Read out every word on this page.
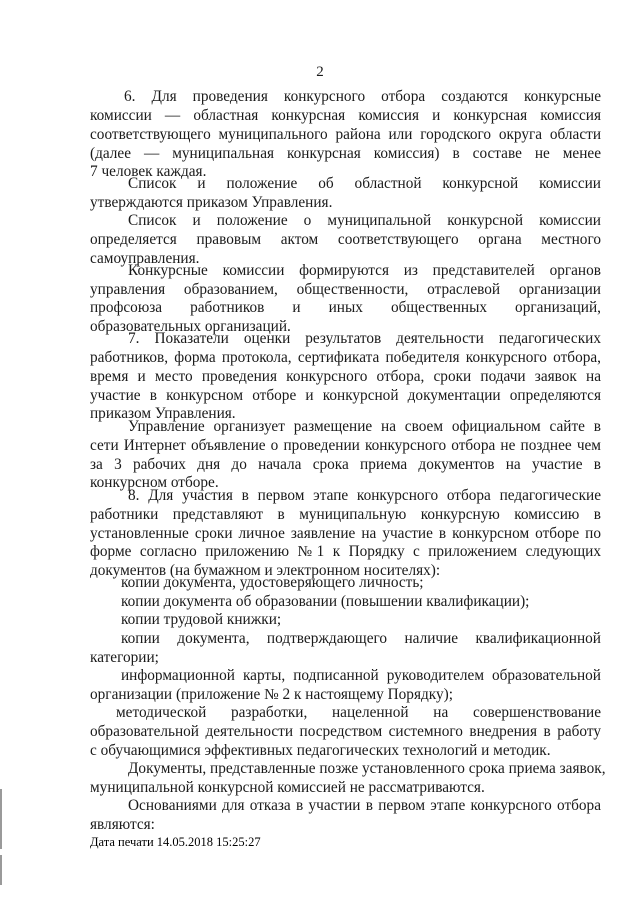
2
6. Для проведения конкурсного отбора создаются конкурсные
комиссии — областная конкурсная комиссия и конкурсная комиссия
соответствующего муниципального района или городского округа области
(далее — муниципальная конкурсная комиссия) в составе не менее
7 человек каждая.
Список и положение об областной конкурсной комиссии
утверждаются приказом Управления.
Список и положение о муниципальной конкурсной комиссии
определяется правовым актом соответствующего органа местного
самоуправления.
Конкурсные комиссии формируются из представителей органов
управления образованием, общественности, отраслевой организации
профсоюза работников и иных общественных организаций,
образовательных организаций.
7. Показатели оценки результатов деятельности педагогических
работников, форма протокола, сертификата победителя конкурсного отбора,
время и место проведения конкурсного отбора, сроки подачи заявок на
участие в конкурсном отборе и конкурсной документации определяются
приказом Управления.
Управление организует размещение на своем официальном сайте в
сети Интернет объявление о проведении конкурсного отбора не позднее чем
за 3 рабочих дня до начала срока приема документов на участие в
конкурсном отборе.
8. Для участия в первом этапе конкурсного отбора педагогические
работники представляют в муниципальную конкурсную комиссию в
установленные сроки личное заявление на участие в конкурсном отборе по
форме согласно приложению №1 к Порядку с приложением следующих
документов (на бумажном и электронном носителях):
копии документа, удостоверяющего личность;
копии документа об образовании (повышении квалификации);
копии трудовой книжки;
копии документа, подтверждающего наличие квалификационной
категории;
информационной карты, подписанной руководителем образовательной
организации (приложение № 2 к настоящему Порядку);
методической разработки, нацеленной на совершенствование
образовательной деятельности посредством системного внедрения в работу
с обучающимися эффективных педагогических технологий и методик.
Документы, представленные позже установленного срока приема заявок,
муниципальной конкурсной комиссией не рассматриваются.
Основаниями для отказа в участии в первом этапе конкурсного отбора
являются:
Дата печати 14.05.2018 15:25:27
